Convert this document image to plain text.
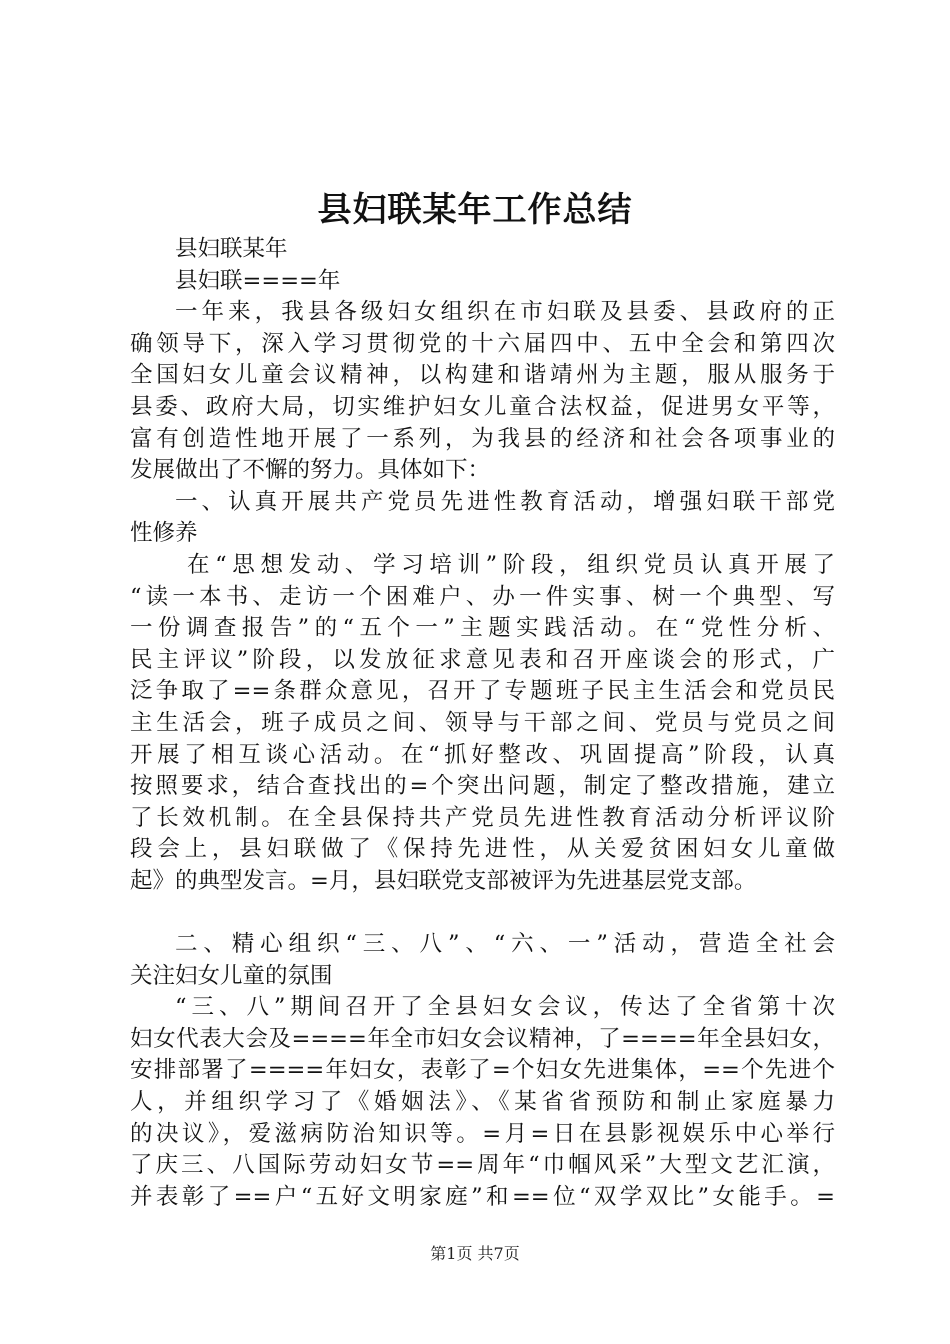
县妇联某年工作总结
县妇联某年
县妇联====年
一年来，我县各级妇女组织在市妇联及县委、县政府的正
确领导下，深入学习贯彻党的十六届四中、五中全会和第四次
全国妇女儿童会议精神，以构建和谐靖州为主题，服从服务于
县委、政府大局，切实维护妇女儿童合法权益，促进男女平等，
富有创造性地开展了一系列，为我县的经济和社会各项事业的
发展做出了不懈的努力。具体如下：
一、认真开展共产党员先进性教育活动，增强妇联干部党
性修养
在“思想发动、学习培训”阶段，组织党员认真开展了
“读一本书、走访一个困难户、办一件实事、树一个典型、写
一份调查报告”的“五个一”主题实践活动。在“党性分析、
民主评议”阶段，以发放征求意见表和召开座谈会的形式，广
泛争取了==条群众意见，召开了专题班子民主生活会和党员民
主生活会，班子成员之间、领导与干部之间、党员与党员之间
开展了相互谈心活动。在“抓好整改、巩固提高”阶段，认真
按照要求，结合查找出的=个突出问题，制定了整改措施，建立
了长效机制。在全县保持共产党员先进性教育活动分析评议阶
段会上，县妇联做了《保持先进性，从关爱贫困妇女儿童做
起》的典型发言。=月，县妇联党支部被评为先进基层党支部。
二、精心组织“三、八”、“六、一”活动，营造全社会
关注妇女儿童的氛围
“三、八”期间召开了全县妇女会议，传达了全省第十次
妇女代表大会及====年全市妇女会议精神，了====年全县妇女，
安排部署了====年妇女，表彰了=个妇女先进集体，==个先进个
人，并组织学习了《婚姻法》、《某省省预防和制止家庭暴力
的决议》，爱滋病防治知识等。=月=日在县影视娱乐中心举行
了庆三、八国际劳动妇女节==周年“巾帼风采”大型文艺汇演，
并表彰了==户“五好文明家庭”和==位“双学双比”女能手。=
第1页 共7页
